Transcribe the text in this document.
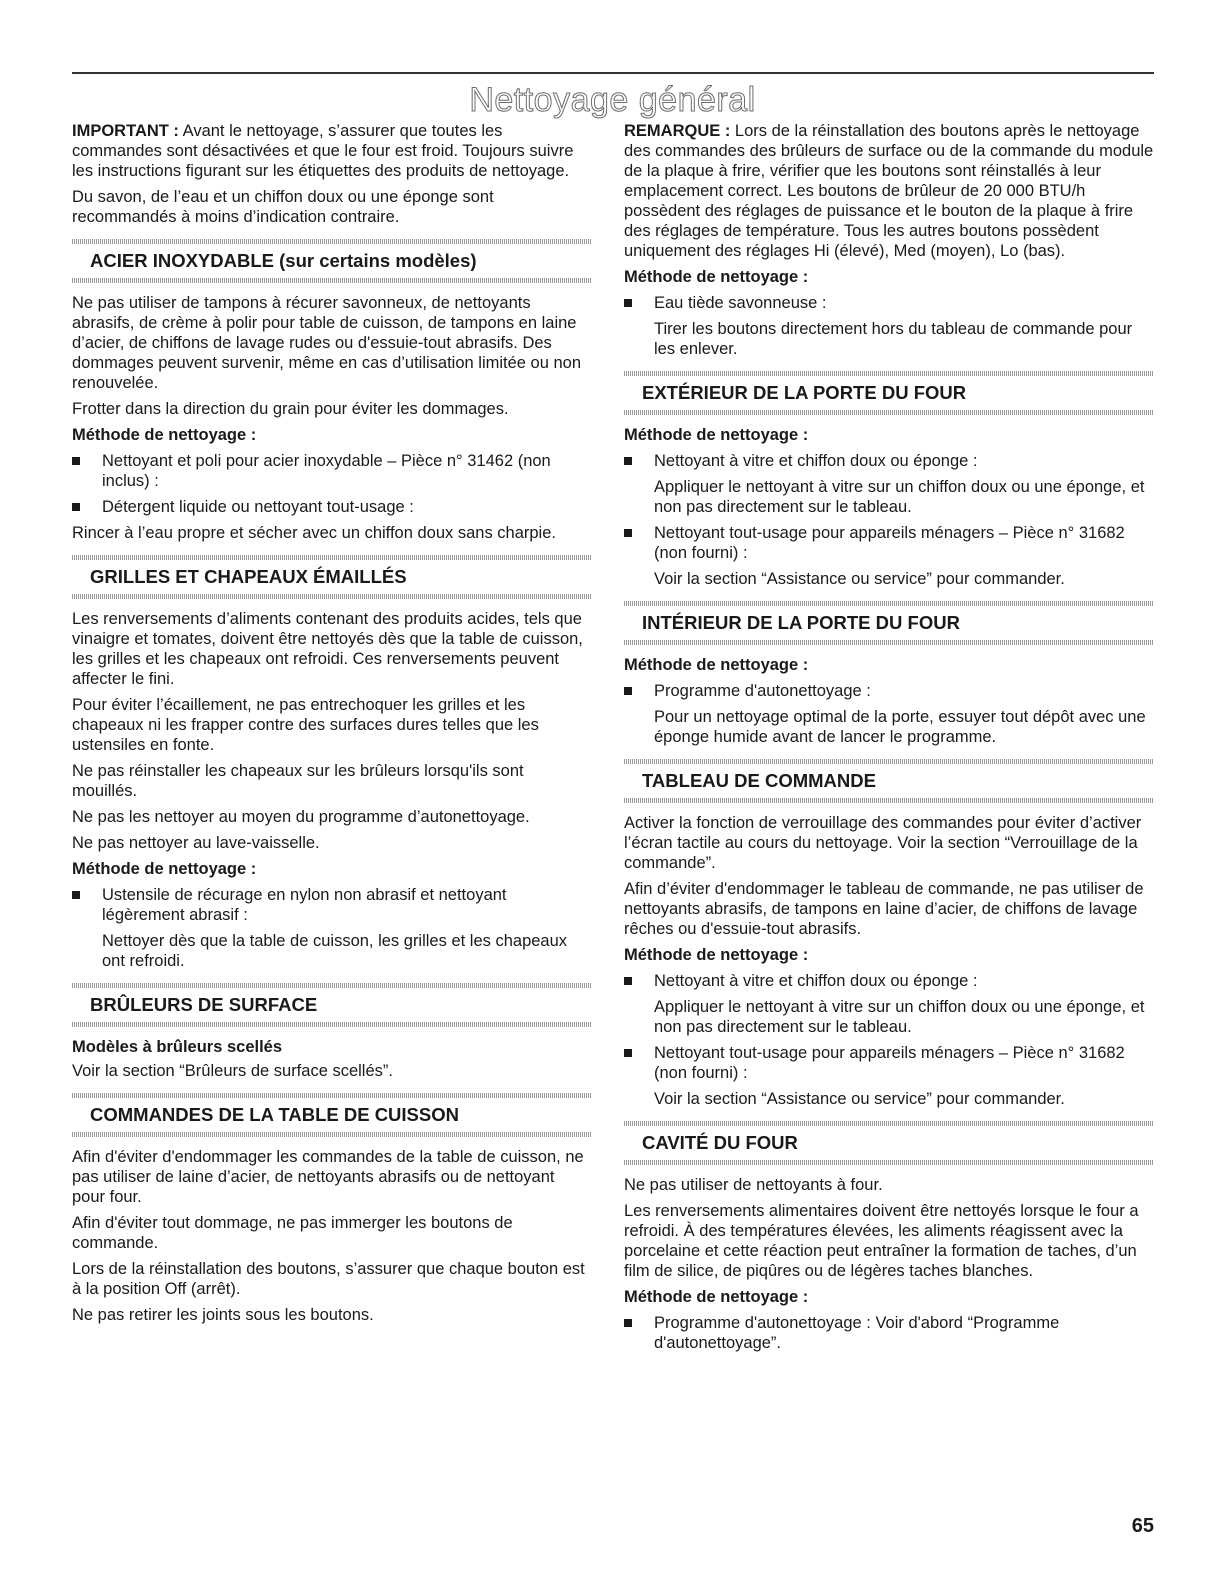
Nettoyage général

IMPORTANT : Avant le nettoyage, s’assurer que toutes les commandes sont désactivées et que le four est froid. Toujours suivre les instructions figurant sur les étiquettes des produits de nettoyage.

Du savon, de l’eau et un chiffon doux ou une éponge sont recommandés à moins d’indication contraire.

ACIER INOXYDABLE (sur certains modèles)

Ne pas utiliser de tampons à récurer savonneux, de nettoyants abrasifs, de crème à polir pour table de cuisson, de tampons en laine d’acier, de chiffons de lavage rudes ou d'essuie-tout abrasifs. Des dommages peuvent survenir, même en cas d’utilisation limitée ou non renouvelée.

Frotter dans la direction du grain pour éviter les dommages.

Méthode de nettoyage :

Nettoyant et poli pour acier inoxydable – Pièce n° 31462 (non inclus) :

Détergent liquide ou nettoyant tout-usage :

Rincer à l’eau propre et sécher avec un chiffon doux sans charpie.

GRILLES ET CHAPEAUX ÉMAILLÉS

Les renversements d’aliments contenant des produits acides, tels que vinaigre et tomates, doivent être nettoyés dès que la table de cuisson, les grilles et les chapeaux ont refroidi. Ces renversements peuvent affecter le fini.

Pour éviter l’écaillement, ne pas entrechoquer les grilles et les chapeaux ni les frapper contre des surfaces dures telles que les ustensiles en fonte.

Ne pas réinstaller les chapeaux sur les brûleurs lorsqu'ils sont mouillés.

Ne pas les nettoyer au moyen du programme d’autonettoyage.

Ne pas nettoyer au lave-vaisselle.

Méthode de nettoyage :

Ustensile de récurage en nylon non abrasif et nettoyant légèrement abrasif :

Nettoyer dès que la table de cuisson, les grilles et les chapeaux ont refroidi.

BRÛLEURS DE SURFACE
Modèles à brûleurs scellés

Voir la section “Brûleurs de surface scellés”.

COMMANDES DE LA TABLE DE CUISSON

Afin d'éviter d'endommager les commandes de la table de cuisson, ne pas utiliser de laine d’acier, de nettoyants abrasifs ou de nettoyant pour four.

Afin d'éviter tout dommage, ne pas immerger les boutons de commande.

Lors de la réinstallation des boutons, s’assurer que chaque bouton est à la position Off (arrêt).

Ne pas retirer les joints sous les boutons.

REMARQUE : Lors de la réinstallation des boutons après le nettoyage des commandes des brûleurs de surface ou de la commande du module de la plaque à frire, vérifier que les boutons sont réinstallés à leur emplacement correct. Les boutons de brûleur de 20 000 BTU/h possèdent des réglages de puissance et le bouton de la plaque à frire des réglages de température. Tous les autres boutons possèdent uniquement des réglages Hi (élevé), Med (moyen), Lo (bas).

Méthode de nettoyage :

Eau tiède savonneuse :

Tirer les boutons directement hors du tableau de commande pour les enlever.

EXTÉRIEUR DE LA PORTE DU FOUR
Méthode de nettoyage :

Nettoyant à vitre et chiffon doux ou éponge :

Appliquer le nettoyant à vitre sur un chiffon doux ou une éponge, et non pas directement sur le tableau.

Nettoyant tout-usage pour appareils ménagers – Pièce n° 31682 (non fourni) :

Voir la section “Assistance ou service” pour commander.

INTÉRIEUR DE LA PORTE DU FOUR
Méthode de nettoyage :

Programme d'autonettoyage :

Pour un nettoyage optimal de la porte, essuyer tout dépôt avec une éponge humide avant de lancer le programme.

TABLEAU DE COMMANDE

Activer la fonction de verrouillage des commandes pour éviter d’activer l’écran tactile au cours du nettoyage. Voir la section “Verrouillage de la commande”.

Afin d’éviter d'endommager le tableau de commande, ne pas utiliser de nettoyants abrasifs, de tampons en laine d’acier, de chiffons de lavage rêches ou d'essuie-tout abrasifs.

Méthode de nettoyage :

Nettoyant à vitre et chiffon doux ou éponge :

Appliquer le nettoyant à vitre sur un chiffon doux ou une éponge, et non pas directement sur le tableau.

Nettoyant tout-usage pour appareils ménagers – Pièce n° 31682 (non fourni) :

Voir la section “Assistance ou service” pour commander.

CAVITÉ DU FOUR

Ne pas utiliser de nettoyants à four.

Les renversements alimentaires doivent être nettoyés lorsque le four a refroidi. À des températures élevées, les aliments réagissent avec la porcelaine et cette réaction peut entraîner la formation de taches, d’un film de silice, de piqûres ou de légères taches blanches.

Méthode de nettoyage :

Programme d'autonettoyage : Voir d'abord “Programme d'autonettoyage”.

65
